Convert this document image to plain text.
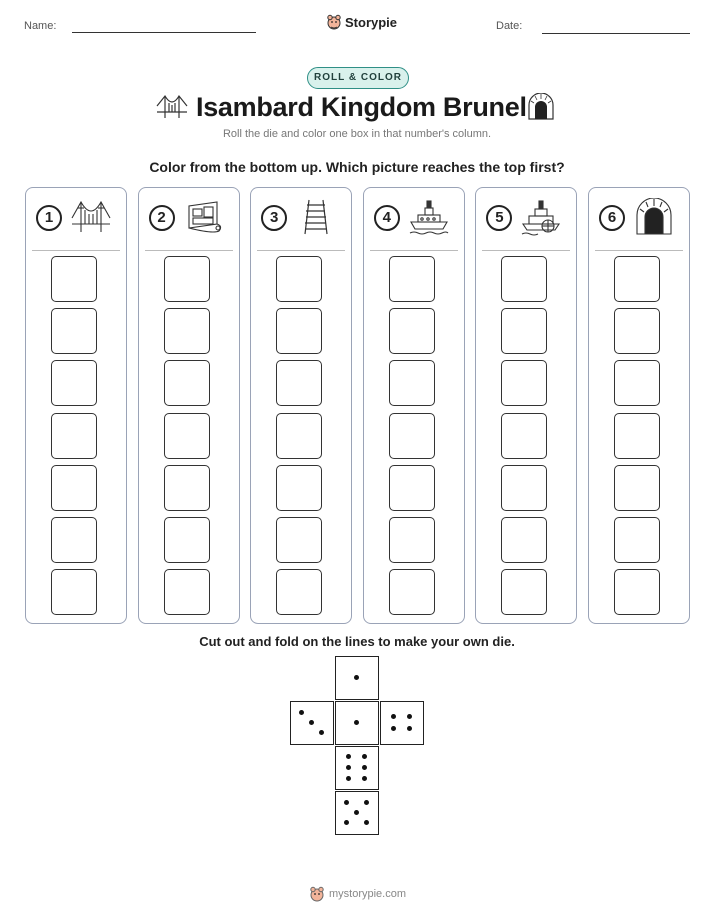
Name:	Storypie	Date:
ROLL & COLOR
Isambard Kingdom Brunel
Roll the die and color one box in that number's column.
Color from the bottom up. Which picture reaches the top first?
1	2	3	4	5	6
Cut out and fold on the lines to make your own die.
mystorypie.com
